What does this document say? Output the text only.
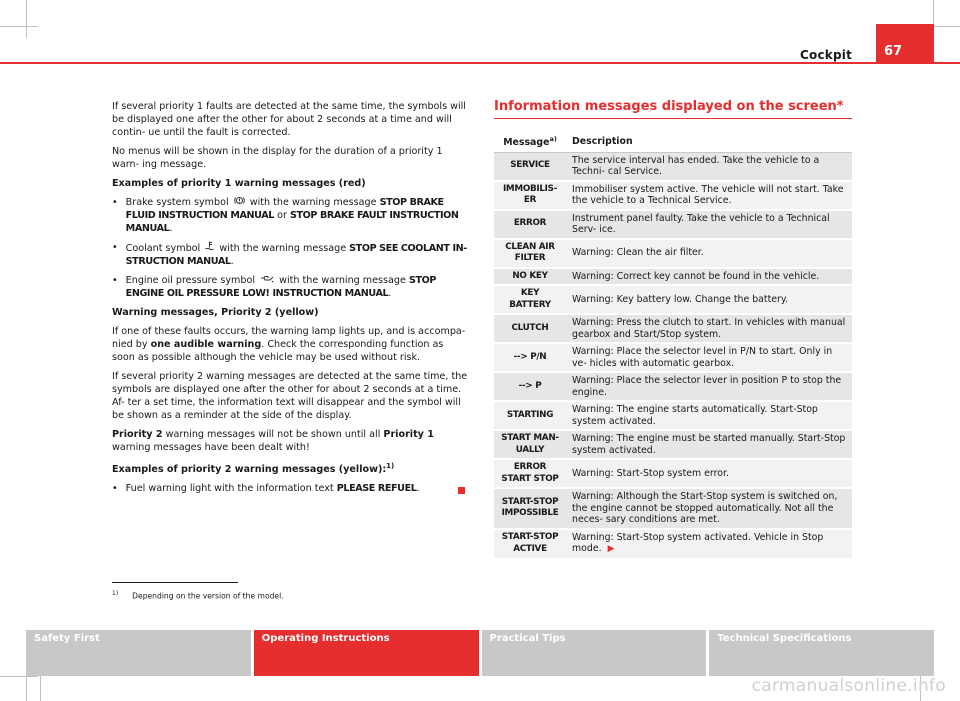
Cockpit 67

If several priority 1 faults are detected at the same time, the symbols will be displayed one after the other for about 2 seconds at a time and will contin- ue until the fault is corrected.

No menus will be shown in the display for the duration of a priority 1 warn- ing message.

Examples of priority 1 warning messages (red)

• Brake system symbol with the warning message STOP BRAKE FLUID INSTRUCTION MANUAL or STOP BRAKE FAULT INSTRUCTION MANUAL.
• Coolant symbol with the warning message STOP SEE COOLANT IN- STRUCTION MANUAL.
• Engine oil pressure symbol	with the warning message STOP ENGINE OIL PRESSURE LOW! INSTRUCTION MANUAL.

Warning messages, Priority 2 (yellow)

If one of these faults occurs, the warning lamp lights up, and is accompa- nied by one audible warning. Check the corresponding function as soon as possible although the vehicle may be used without risk.

If several priority 2 warning messages are detected at the same time, the symbols are displayed one after the other for about 2 seconds at a time. Af- ter a set time, the information text will disappear and the symbol will be shown as a reminder at the side of the display.

Priority 2 warning messages will not be shown until all Priority 1 warning messages have been dealt with!

Examples of priority 2 warning messages (yellow):$^{1)}$

• Fuel warning light with the information text PLEASE REFUEL.
Information messages displayed on the screen*
Message$^{a)}$	Description
SERVICE	The service interval has ended. Take the vehicle to a Techni- cal Service.
IMMOBILIS- ER	Immobiliser system active. The vehicle will not start. Take the vehicle to a Technical Service.
ERROR	Instrument panel faulty. Take the vehicle to a Technical Serv- ice.
CLEAN AIR FILTER	Warning: Clean the air filter.
NO KEY	Warning: Correct key cannot be found in the vehicle.
KEY BATTERY	Warning: Key battery low. Change the battery.
CLUTCH	Warning: Press the clutch to start. In vehicles with manual gearbox and Start/Stop system.
--> P/N	Warning: Place the selector level in P/N to start. Only in ve- hicles with automatic gearbox.
--> P	Warning: Place the selector lever in position P to stop the engine.
STARTING	Warning: The engine starts automatically. Start-Stop system activated.
START MAN- UALLY	Warning: The engine must be started manually. Start-Stop system activated.
ERROR START STOP	Warning: Start-Stop system error.
START-STOP IMPOSSIBLE	Warning: Although the Start-Stop system is switched on, the engine cannot be stopped automatically. Not all the neces- sary conditions are met.
START-STOP ACTIVE	Warning: Start-Stop system activated. Vehicle in Stop mode. ▶
$^{1)}$ Depending on the version of the model.
Safety First	Operating Instructions	Practical Tips	Technical Specifications
carmanualsonline.info
